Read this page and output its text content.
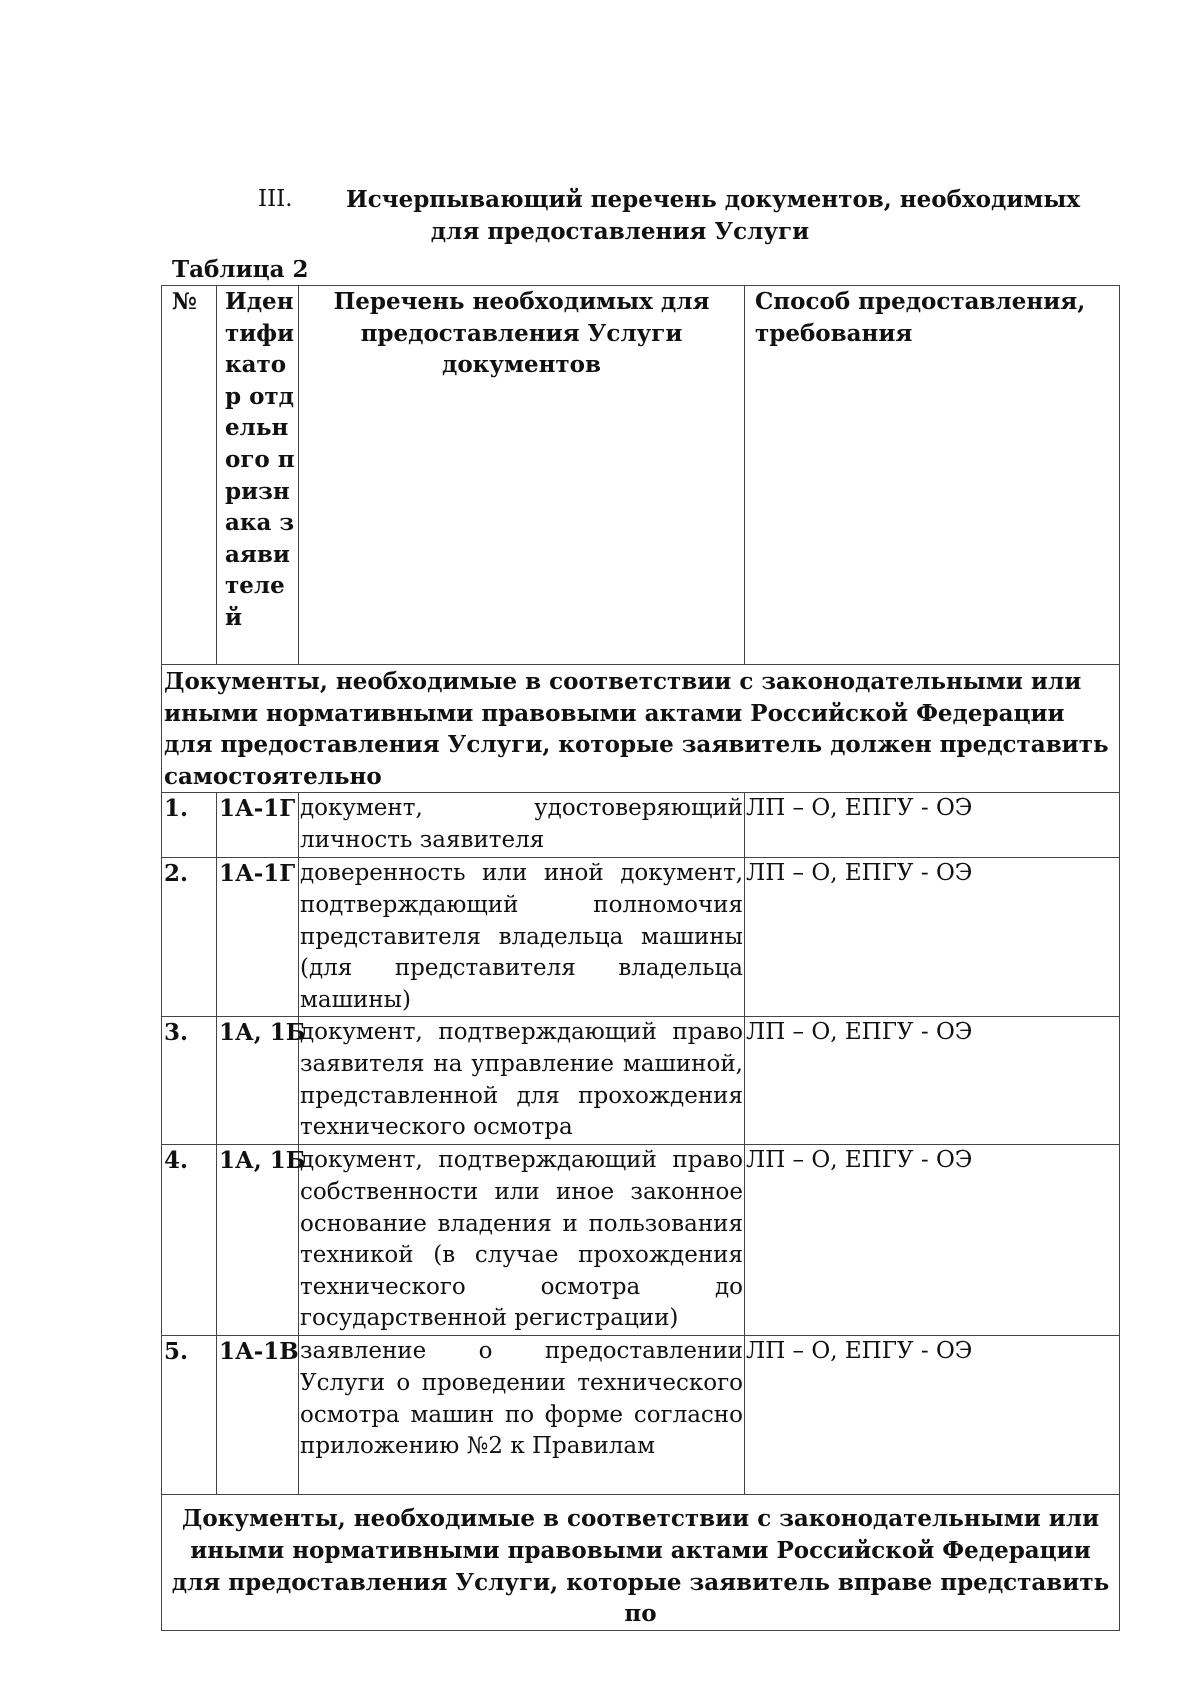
III. Исчерпывающий перечень документов, необходимых
для предоставления Услуги
Таблица 2
№	Идентификатор отдельного признака заявителей	Перечень необходимых для предоставления Услуги документов	Способ предоставления, требования
Документы, необходимые в соответствии с законодательными или иными нормативными правовыми актами Российской Федерации для предоставления Услуги, которые заявитель должен представить самостоятельно			
1.	1А-1Г	документ, удостоверяющий личность заявителя	ЛП – О, ЕПГУ - ОЭ
2.	1А-1Г	доверенность или иной документ, подтверждающий полномочия представителя владельца машины (для представителя владельца машины)	ЛП – О, ЕПГУ - ОЭ
3.	1А, 1Б	документ, подтверждающий право заявителя на управление машиной, представленной для прохождения технического осмотра	ЛП – О, ЕПГУ - ОЭ
4.	1А, 1Б	документ, подтверждающий право собственности или иное законное основание владения и пользования техникой (в случае прохождения технического осмотра до государственной регистрации)	ЛП – О, ЕПГУ - ОЭ
5.	1А-1В	заявление о предоставлении Услуги о проведении технического осмотра машин по форме согласно приложению №2 к Правилам	ЛП – О, ЕПГУ - ОЭ
Документы, необходимые в соответствии с законодательными или иными нормативными правовыми актами Российской Федерации для предоставления Услуги, которые заявитель вправе представить по			
